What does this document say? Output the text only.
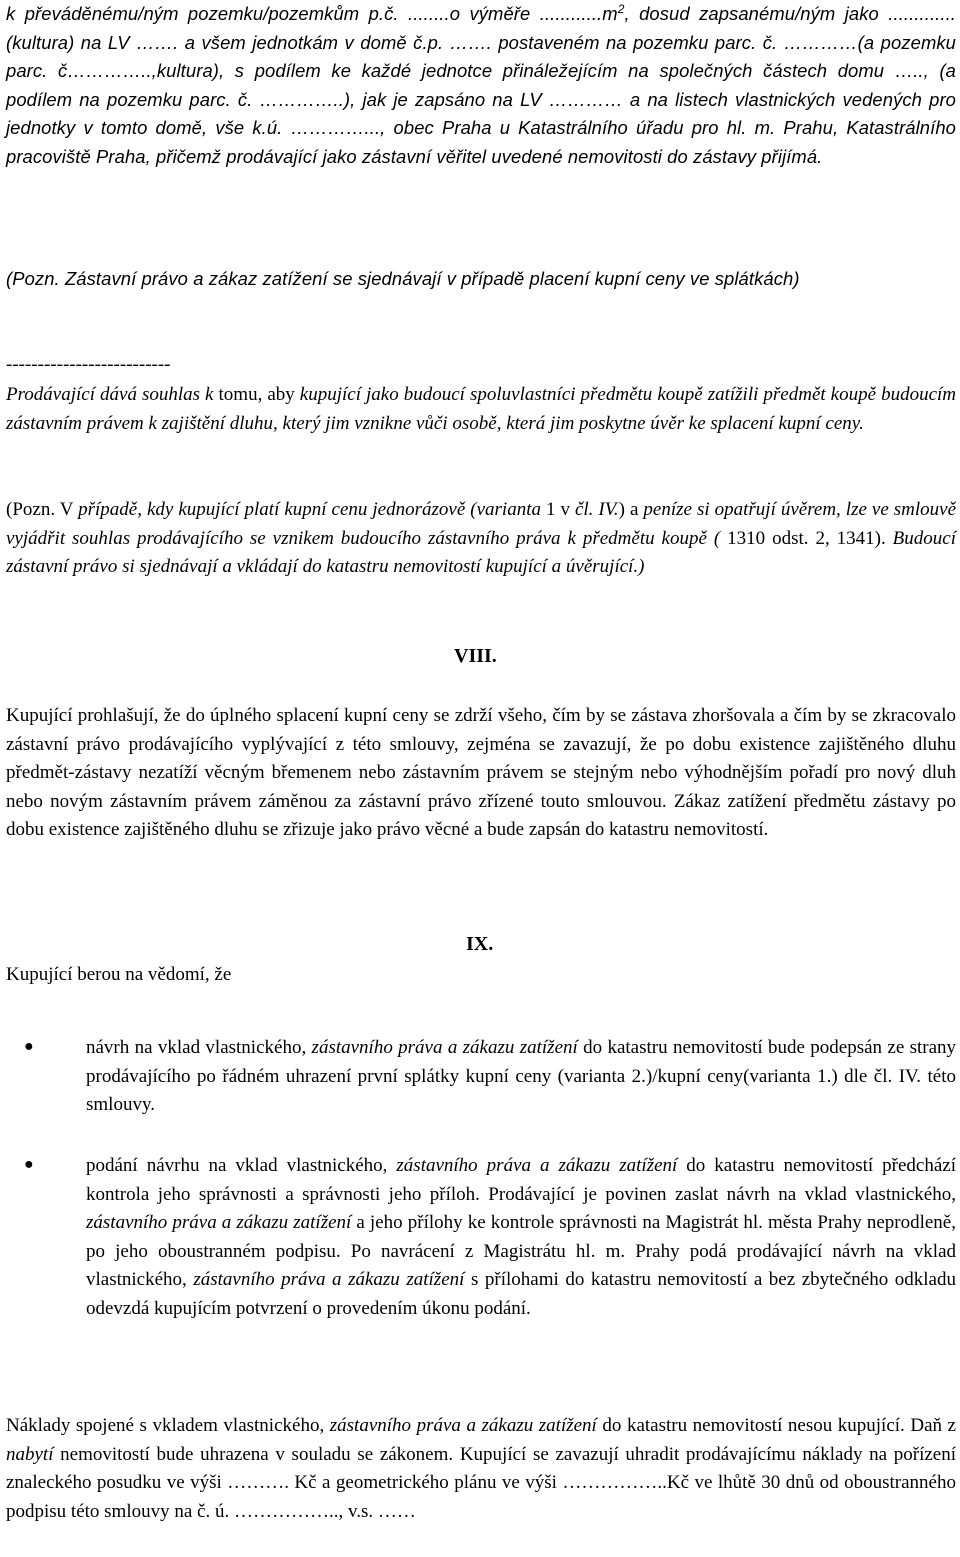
k převáděnému/ným pozemku/pozemkům p.č. ........o výměře $............m^2$, dosud zapsanému/ným jako ............. (kultura) na LV ……. a všem jednotkám v domě č.p. ……. postaveném na pozemku parc. č. …………(a pozemku parc. č…………..,kultura), s podílem ke každé jednotce přináležejícím na společných částech domu ….., (a podílem na pozemku parc. č. …………..), jak je zapsáno na LV ………… a na listech vlastnických vedených pro jednotky v tomto domě, vše k.ú. …………..., obec Praha u Katastrálního úřadu pro hl. m. Prahu, Katastrálního pracoviště Praha, přičemž prodávající jako zástavní věřitel uvedené nemovitosti do zástavy přijímá.

(Pozn. Zástavní právo a zákaz zatížení se sjednávají v případě placení kupní ceny ve splátkách)

--------------------------

Prodávající dává souhlas k tomu, aby kupující jako budoucí spoluvlastníci předmětu koupě zatížili předmět koupě budoucím zástavním právem k zajištění dluhu, který jim vznikne vůči osobě, která jim poskytne úvěr ke splacení kupní ceny.

(Pozn. V případě, kdy kupující platí kupní cenu jednorázově (varianta 1 v čl. IV.) a peníze si opatřují úvěrem, lze ve smlouvě vyjádřit souhlas prodávajícího se vznikem budoucího zástavního práva k předmětu koupě ( 1310 odst. 2, 1341). Budoucí zástavní právo si sjednávají a vkládají do katastru nemovitostí kupující a úvěrující.)

VIII.

Kupující prohlašují, že do úplného splacení kupní ceny se zdrží všeho, čím by se zástava zhoršovala a čím by se zkracovalo zástavní právo prodávajícího vyplývající z této smlouvy, zejména se zavazují, že po dobu existence zajištěného dluhu předmět-zástavy nezatíží věcným břemenem nebo zástavním právem se stejným nebo výhodnějším pořadí pro nový dluh nebo novým zástavním právem záměnou za zástavní právo zřízené touto smlouvou. Zákaz zatížení předmětu zástavy po dobu existence zajištěného dluhu se zřizuje jako právo věcné a bude zapsán do katastru nemovitostí.

IX.

Kupující berou na vědomí, že

●	návrh na vklad vlastnického, zástavního práva a zákazu zatížení do katastru nemovitostí bude podepsán ze strany prodávajícího po řádném uhrazení první splátky kupní ceny (varianta 2.)/kupní ceny(varianta 1.) dle čl. IV. této smlouvy.

●	podání návrhu na vklad vlastnického, zástavního práva a zákazu zatížení do katastru nemovitostí předchází kontrola jeho správnosti a správnosti jeho příloh. Prodávající je povinen zaslat návrh na vklad vlastnického, zástavního práva a zákazu zatížení a jeho přílohy ke kontrole správnosti na Magistrát hl. města Prahy neprodleně, po jeho oboustranném podpisu. Po navrácení z Magistrátu hl. m. Prahy podá prodávající návrh na vklad vlastnického, zástavního práva a zákazu zatížení s přílohami do katastru nemovitostí a bez zbytečného odkladu odevzdá kupujícím potvrzení o provedením úkonu podání.

Náklady spojené s vkladem vlastnického, zástavního práva a zákazu zatížení do katastru nemovitostí nesou kupující. Daň z nabytí nemovitostí bude uhrazena v souladu se zákonem. Kupující se zavazují uhradit prodávajícímu náklady na pořízení znaleckého posudku ve výši ………. Kč a geometrického plánu ve výši ……………..Kč ve lhůtě 30 dnů od oboustranného podpisu této smlouvy na č. ú. …………….., v.s. ……
